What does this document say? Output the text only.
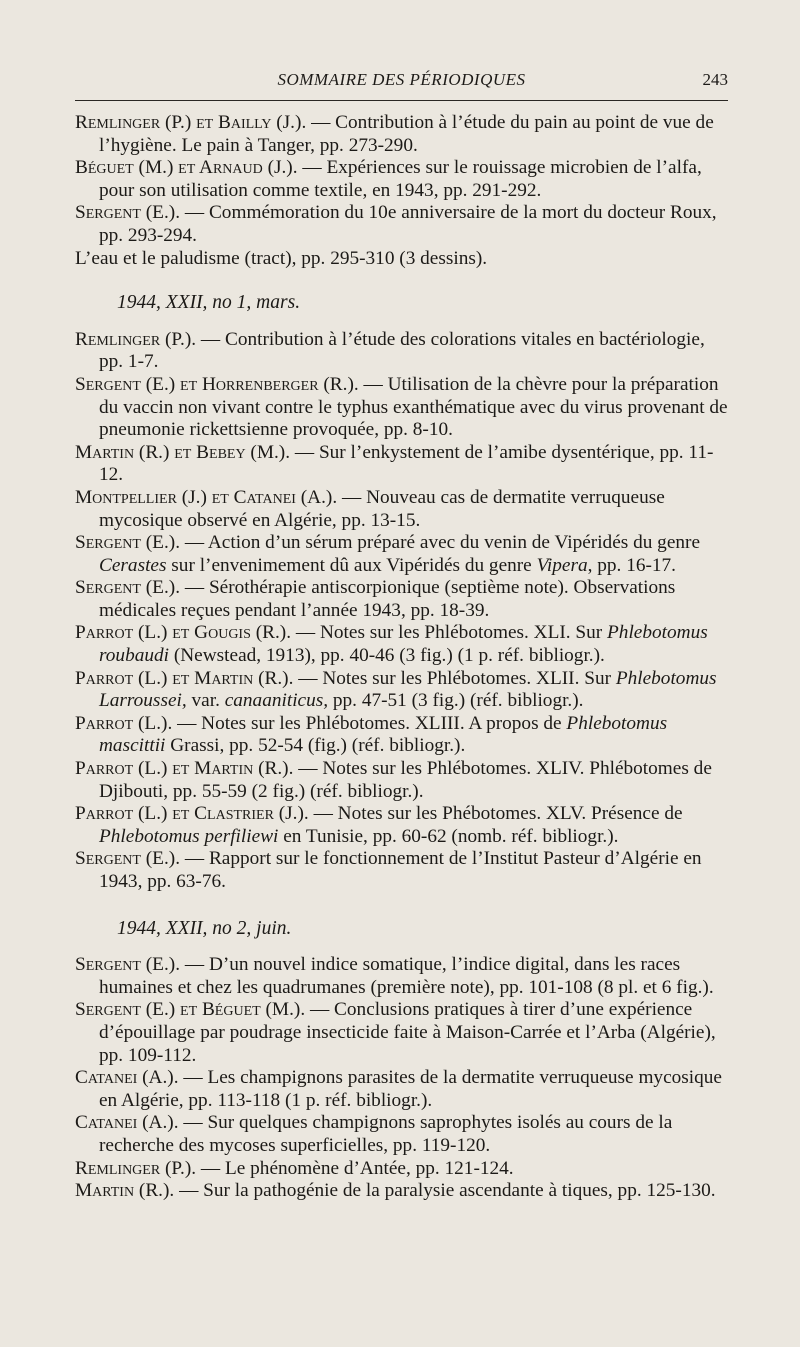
SOMMAIRE DES PÉRIODIQUES	243

Remlinger (P.) et Bailly (J.). — Contribution à l’étude du pain au point de vue de l’hygiène. Le pain à Tanger, pp. 273-290.

Béguet (M.) et Arnaud (J.). — Expériences sur le rouissage microbien de l’alfa, pour son utilisation comme textile, en 1943, pp. 291-292.

Sergent (E.). — Commémoration du 10e anniversaire de la mort du docteur Roux, pp. 293-294.

L’eau et le paludisme (tract), pp. 295-310 (3 dessins).

1944, XXII, no 1, mars.

Remlinger (P.). — Contribution à l’étude des colorations vitales en bactériologie, pp. 1-7.

Sergent (E.) et Horrenberger (R.). — Utilisation de la chèvre pour la préparation du vaccin non vivant contre le typhus exanthématique avec du virus provenant de pneumonie rickettsienne provoquée, pp. 8-10.

Martin (R.) et Bebey (M.). — Sur l’enkystement de l’amibe dysentérique, pp. 11-12.

Montpellier (J.) et Catanei (A.). — Nouveau cas de dermatite verruqueuse mycosique observé en Algérie, pp. 13-15.

Sergent (E.). — Action d’un sérum préparé avec du venin de Vipéridés du genre Cerastes sur l’envenimement dû aux Vipéridés du genre Vipera, pp. 16-17.

Sergent (E.). — Sérothérapie antiscorpionique (septième note). Observations médicales reçues pendant l’année 1943, pp. 18-39.

Parrot (L.) et Gougis (R.). — Notes sur les Phlébotomes. XLI. Sur Phlebotomus roubaudi (Newstead, 1913), pp. 40-46 (3 fig.) (1 p. réf. bibliogr.).

Parrot (L.) et Martin (R.). — Notes sur les Phlébotomes. XLII. Sur Phlebotomus Larroussei, var. canaaniticus, pp. 47-51 (3 fig.) (réf. bibliogr.).

Parrot (L.). — Notes sur les Phlébotomes. XLIII. A propos de Phlebotomus mascittii Grassi, pp. 52-54 (fig.) (réf. bibliogr.).

Parrot (L.) et Martin (R.). — Notes sur les Phlébotomes. XLIV. Phlébotomes de Djibouti, pp. 55-59 (2 fig.) (réf. bibliogr.).

Parrot (L.) et Clastrier (J.). — Notes sur les Phébotomes. XLV. Présence de Phlebotomus perfiliewi en Tunisie, pp. 60-62 (nomb. réf. bibliogr.).

Sergent (E.). — Rapport sur le fonctionnement de l’Institut Pasteur d’Algérie en 1943, pp. 63-76.

1944, XXII, no 2, juin.

Sergent (E.). — D’un nouvel indice somatique, l’indice digital, dans les races humaines et chez les quadrumanes (première note), pp. 101-108 (8 pl. et 6 fig.).

Sergent (E.) et Béguet (M.). — Conclusions pratiques à tirer d’une expérience d’épouillage par poudrage insecticide faite à Maison-Carrée et l’Arba (Algérie), pp. 109-112.

Catanei (A.). — Les champignons parasites de la dermatite verruqueuse mycosique en Algérie, pp. 113-118 (1 p. réf. bibliogr.).

Catanei (A.). — Sur quelques champignons saprophytes isolés au cours de la recherche des mycoses superficielles, pp. 119-120.

Remlinger (P.). — Le phénomène d’Antée, pp. 121-124.

Martin (R.). — Sur la pathogénie de la paralysie ascendante à tiques, pp. 125-130.
